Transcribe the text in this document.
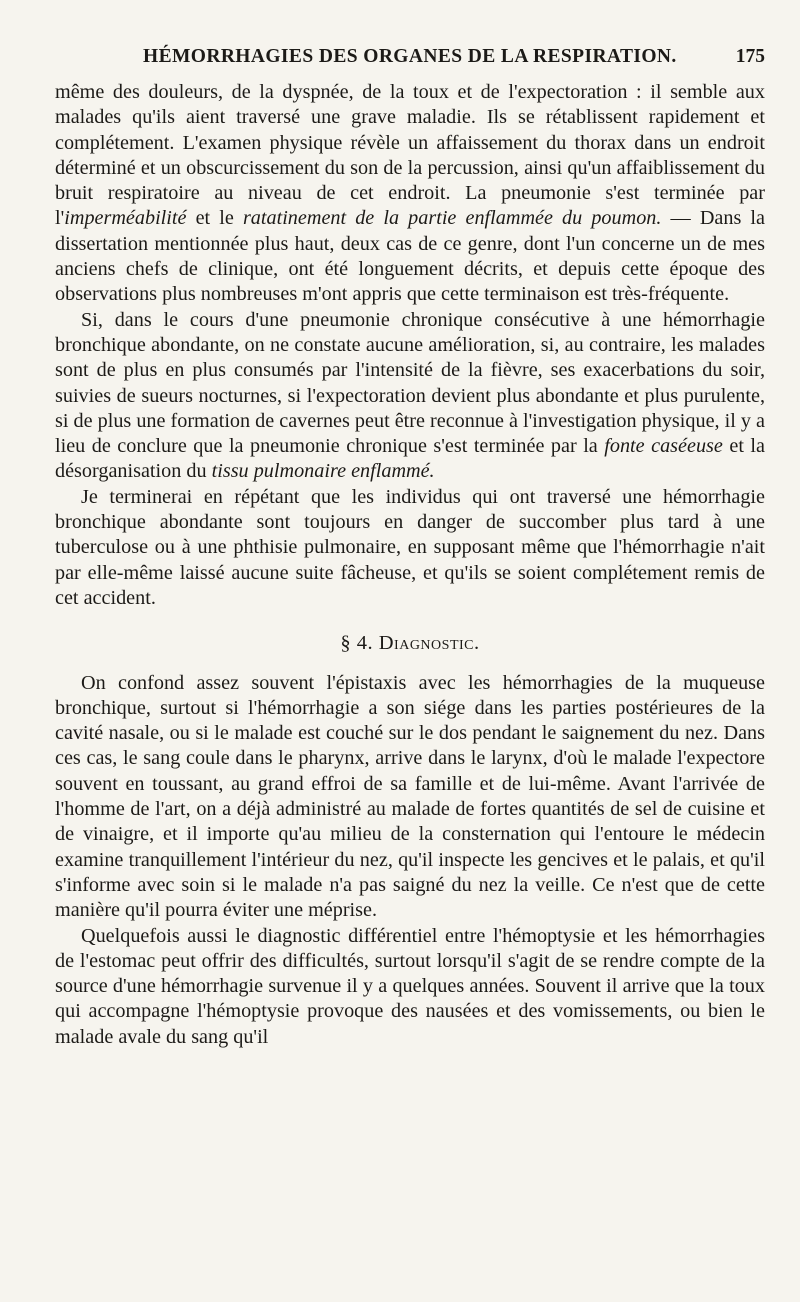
HÉMORRHAGIES DES ORGANES DE LA RESPIRATION.	175

même des douleurs, de la dyspnée, de la toux et de l'expectoration : il semble aux malades qu'ils aient traversé une grave maladie. Ils se rétablissent rapidement et complétement. L'examen physique révèle un affaissement du thorax dans un endroit déterminé et un obscurcissement du son de la percussion, ainsi qu'un affaiblissement du bruit respiratoire au niveau de cet endroit. La pneumonie s'est terminée par l'imperméabilité et le ratatinement de la partie enflammée du poumon. — Dans la dissertation mentionnée plus haut, deux cas de ce genre, dont l'un concerne un de mes anciens chefs de clinique, ont été longuement décrits, et depuis cette époque des observations plus nombreuses m'ont appris que cette terminaison est très-fréquente.

Si, dans le cours d'une pneumonie chronique consécutive à une hémorrhagie bronchique abondante, on ne constate aucune amélioration, si, au contraire, les malades sont de plus en plus consumés par l'intensité de la fièvre, ses exacerbations du soir, suivies de sueurs nocturnes, si l'expectoration devient plus abondante et plus purulente, si de plus une formation de cavernes peut être reconnue à l'investigation physique, il y a lieu de conclure que la pneumonie chronique s'est terminée par la fonte caséeuse et la désorganisation du tissu pulmonaire enflammé.

Je terminerai en répétant que les individus qui ont traversé une hémorrhagie bronchique abondante sont toujours en danger de succomber plus tard à une tuberculose ou à une phthisie pulmonaire, en supposant même que l'hémorrhagie n'ait par elle-même laissé aucune suite fâcheuse, et qu'ils se soient complétement remis de cet accident.

§ 4. Diagnostic.

On confond assez souvent l'épistaxis avec les hémorrhagies de la muqueuse bronchique, surtout si l'hémorrhagie a son siége dans les parties postérieures de la cavité nasale, ou si le malade est couché sur le dos pendant le saignement du nez. Dans ces cas, le sang coule dans le pharynx, arrive dans le larynx, d'où le malade l'expectore souvent en toussant, au grand effroi de sa famille et de lui-même. Avant l'arrivée de l'homme de l'art, on a déjà administré au malade de fortes quantités de sel de cuisine et de vinaigre, et il importe qu'au milieu de la consternation qui l'entoure le médecin examine tranquillement l'intérieur du nez, qu'il inspecte les gencives et le palais, et qu'il s'informe avec soin si le malade n'a pas saigné du nez la veille. Ce n'est que de cette manière qu'il pourra éviter une méprise.

Quelquefois aussi le diagnostic différentiel entre l'hémoptysie et les hémorrhagies de l'estomac peut offrir des difficultés, surtout lorsqu'il s'agit de se rendre compte de la source d'une hémorrhagie survenue il y a quelques années. Souvent il arrive que la toux qui accompagne l'hémoptysie provoque des nausées et des vomissements, ou bien le malade avale du sang qu'il
